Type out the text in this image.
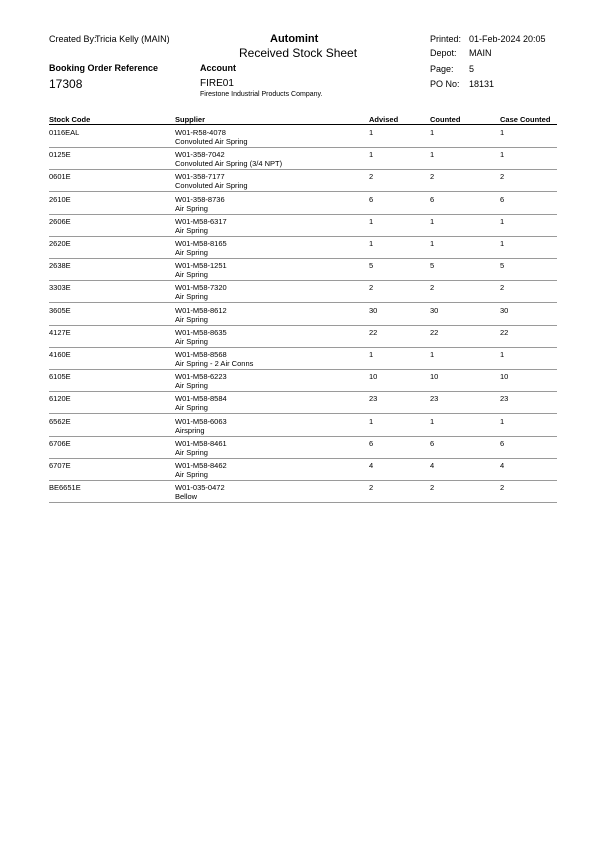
Created By:
Tricia Kelly (MAIN)	Automint
Received Stock Sheet
Printed: 01-Feb-2024 20:05
Depot: MAIN
Page: 5
PO No: 18131
Booking Order Reference
17308
Account
FIRE01
Firestone Industrial Products Company.
Stock Code	Supplier	Advised	Counted	Case Counted
0116EAL	W01-R58-4078
Convoluted Air Spring
1	1	1
0125E	W01-358-7042
Convoluted Air Spring (3/4 NPT)
1	1	1
0601E	W01-358-7177
Convoluted Air Spring
2	2	2
2610E	W01-358-8736
Air Spring
6	6	6
2606E	W01-M58-6317
Air Spring
1	1	1
2620E	W01-M58-8165
Air Spring
1	1	1
2638E	W01-M58-1251
Air Spring
5	5	5
3303E	W01-M58-7320
Air Spring
2	2	2
3605E	W01-M58-8612
Air Spring
30	30	30
4127E	W01-M58-8635
Air Spring
22	22	22
4160E	W01-M58-8568
Air Spring - 2 Air Conns
1	1	1
6105E	W01-M58-6223
Air Spring
10	10	10
6120E	W01-M58-8584
Air Spring
23	23	23
6562E	W01-M58-6063
Airspring
1	1	1
6706E	W01-M58-8461
Air Spring
6	6	6
6707E	W01-M58-8462
Air Spring
4	4	4
BE6651E	W01-035-0472
Bellow
2	2	2
